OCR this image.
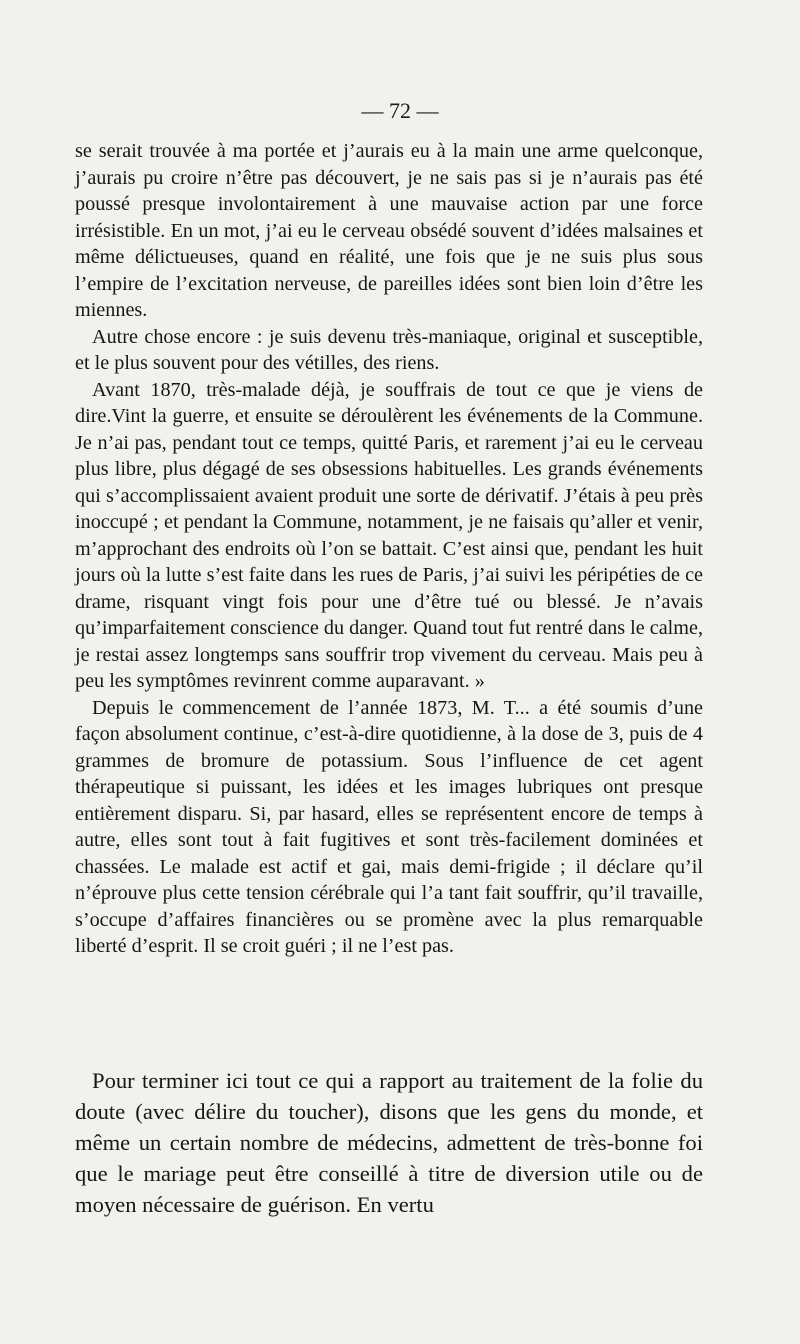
— 72 —

se serait trouvée à ma portée et j’aurais eu à la main une arme quelconque, j’aurais pu croire n’être pas découvert, je ne sais pas si je n’aurais pas été poussé presque involontairement à une mauvaise action par une force irrésistible. En un mot, j’ai eu le cerveau obsédé souvent d’idées malsaines et même délictueuses, quand en réalité, une fois que je ne suis plus sous l’empire de l’excitation nerveuse, de pareilles idées sont bien loin d’être les miennes.

Autre chose encore : je suis devenu très-maniaque, original et susceptible, et le plus souvent pour des vétilles, des riens.

Avant 1870, très-malade déjà, je souffrais de tout ce que je viens de dire.Vint la guerre, et ensuite se déroulèrent les événements de la Commune. Je n’ai pas, pendant tout ce temps, quitté Paris, et rarement j’ai eu le cerveau plus libre, plus dégagé de ses obsessions habituelles. Les grands événements qui s’accomplissaient avaient produit une sorte de dérivatif. J’étais à peu près inoccupé ; et pendant la Commune, notamment, je ne faisais qu’aller et venir, m’approchant des endroits où l’on se battait. C’est ainsi que, pendant les huit jours où la lutte s’est faite dans les rues de Paris, j’ai suivi les péripéties de ce drame, risquant vingt fois pour une d’être tué ou blessé. Je n’avais qu’imparfaitement conscience du danger. Quand tout fut rentré dans le calme, je restai assez longtemps sans souffrir trop vivement du cerveau. Mais peu à peu les symptômes revinrent comme auparavant. »

Depuis le commencement de l’année 1873, M. T... a été soumis d’une façon absolument continue, c’est-à-dire quotidienne, à la dose de 3, puis de 4 grammes de bromure de potassium. Sous l’influence de cet agent thérapeutique si puissant, les idées et les images lubriques ont presque entièrement disparu. Si, par hasard, elles se représentent encore de temps à autre, elles sont tout à fait fugitives et sont très-facilement dominées et chassées. Le malade est actif et gai, mais demi-frigide ; il déclare qu’il n’éprouve plus cette tension cérébrale qui l’a tant fait souffrir, qu’il travaille, s’occupe d’affaires financières ou se promène avec la plus remarquable liberté d’esprit. Il se croit guéri ; il ne l’est pas.

Pour terminer ici tout ce qui a rapport au traitement de la folie du doute (avec délire du toucher), disons que les gens du monde, et même un certain nombre de médecins, admettent de très-bonne foi que le mariage peut être conseillé à titre de diversion utile ou de moyen nécessaire de guérison. En vertu
